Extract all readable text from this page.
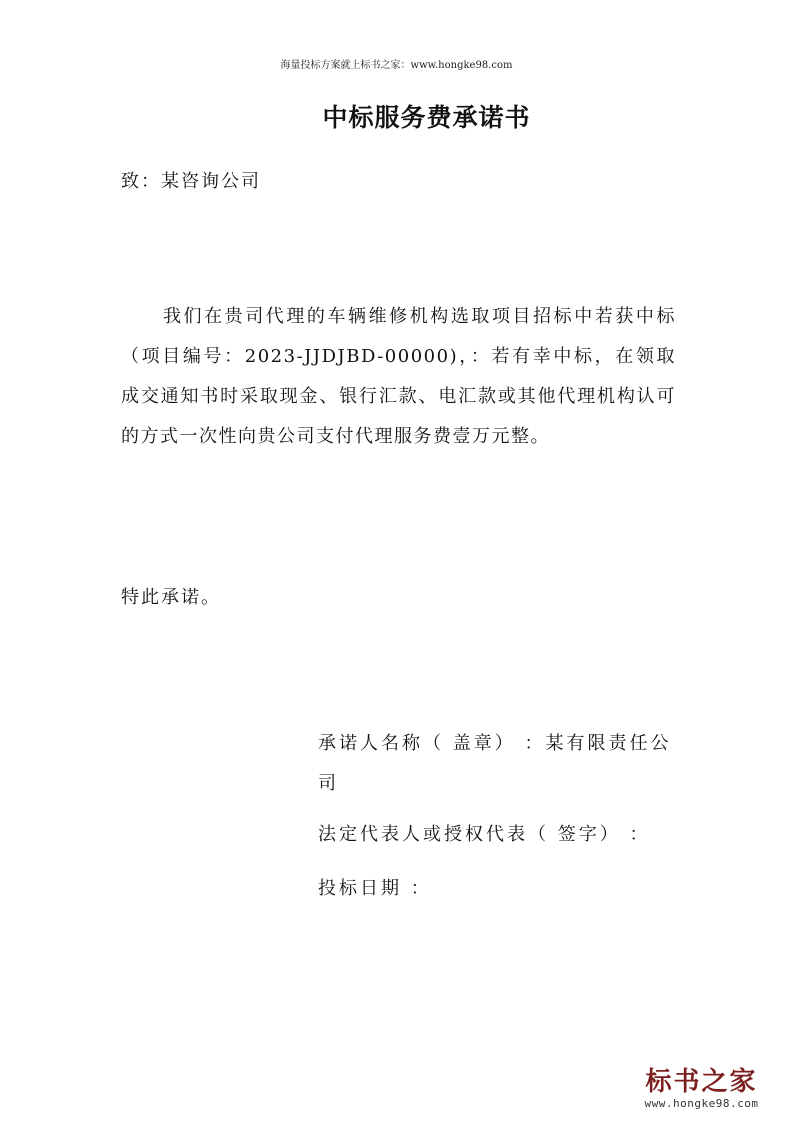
海量投标方案就上标书之家：www.hongke98.com
中标服务费承诺书
致：某咨询公司
我们在贵司代理的车辆维修机构选取项目招标中若获中标（项目编号：2023-JJDJBD-00000)，：若有幸中标，在领取成交通知书时采取现金、银行汇款、电汇款或其他代理机构认可的方式一次性向贵公司支付代理服务费壹万元整。
特此承诺。
承诺人名称（ 盖章） ：某有限责任公司
法定代表人或授权代表（ 签字） ：
投标日期 ：
标书之家
www.hongke98.com
